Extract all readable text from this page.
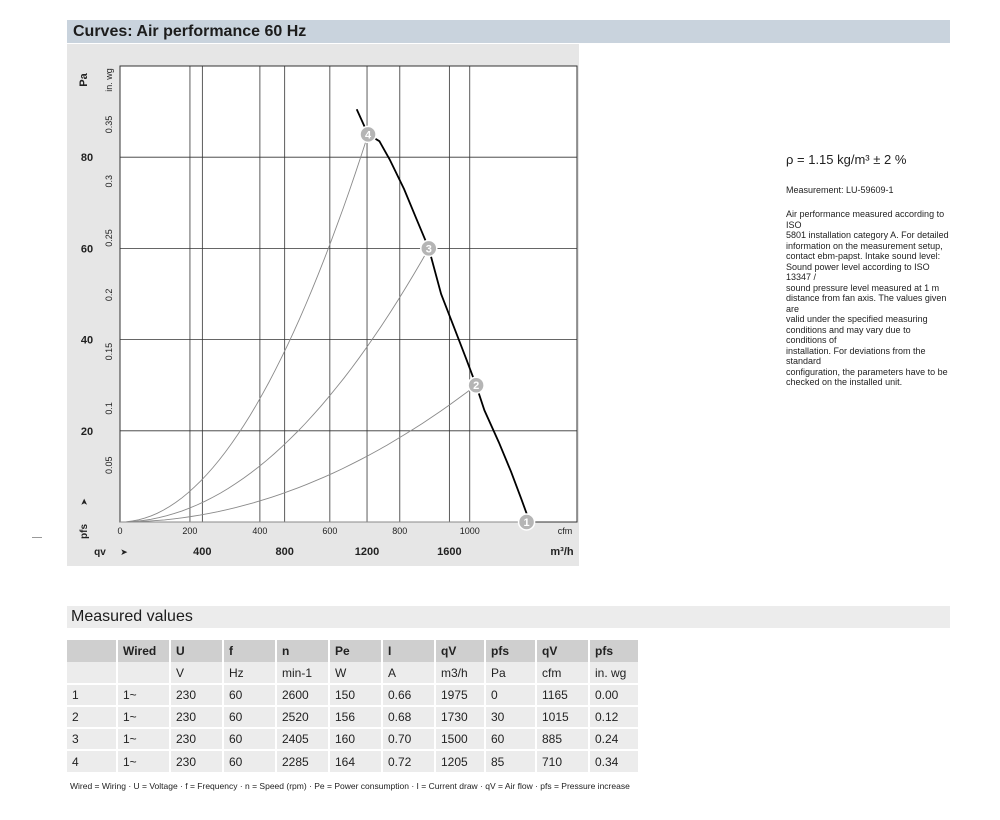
Curves: Air performance 60 Hz
1
2
3
4
20
40
60
80
0.05
0.1
0.15
0.2
0.25
0.3
0.35
Pa in. wg
pfs
➤
0	200	400	600	800	1000	cfm
400	800	1200	1600	m³/h
qv ➤
ρ = 1.15 kg/m³ ± 2 %
Measurement: LU-59609-1
Air performance measured according to ISO
5801 installation category A. For detailed
information on the measurement setup,
contact ebm-papst. Intake sound level:
Sound power level according to ISO 13347 /
sound pressure level measured at 1 m
distance from fan axis. The values given are
valid under the specified measuring
conditions and may vary due to conditions of
installation. For deviations from the standard
configuration, the parameters have to be
checked on the installed unit.
Measured values
	Wired	U	f	n	Pe	I	qV	pfs	qV	pfs
		V	Hz	min-1	W	A	m3/h	Pa	cfm	in. wg
1	1~	230	60	2600	150	0.66	1975	0	1165	0.00
2	1~	230	60	2520	156	0.68	1730	30	1015	0.12
3	1~	230	60	2405	160	0.70	1500	60	885	0.24
4	1~	230	60	2285	164	0.72	1205	85	710	0.34
Wired = Wiring · U = Voltage · f = Frequency · n = Speed (rpm) · Pe = Power consumption · I = Current draw · qV = Air flow · pfs = Pressure increase
